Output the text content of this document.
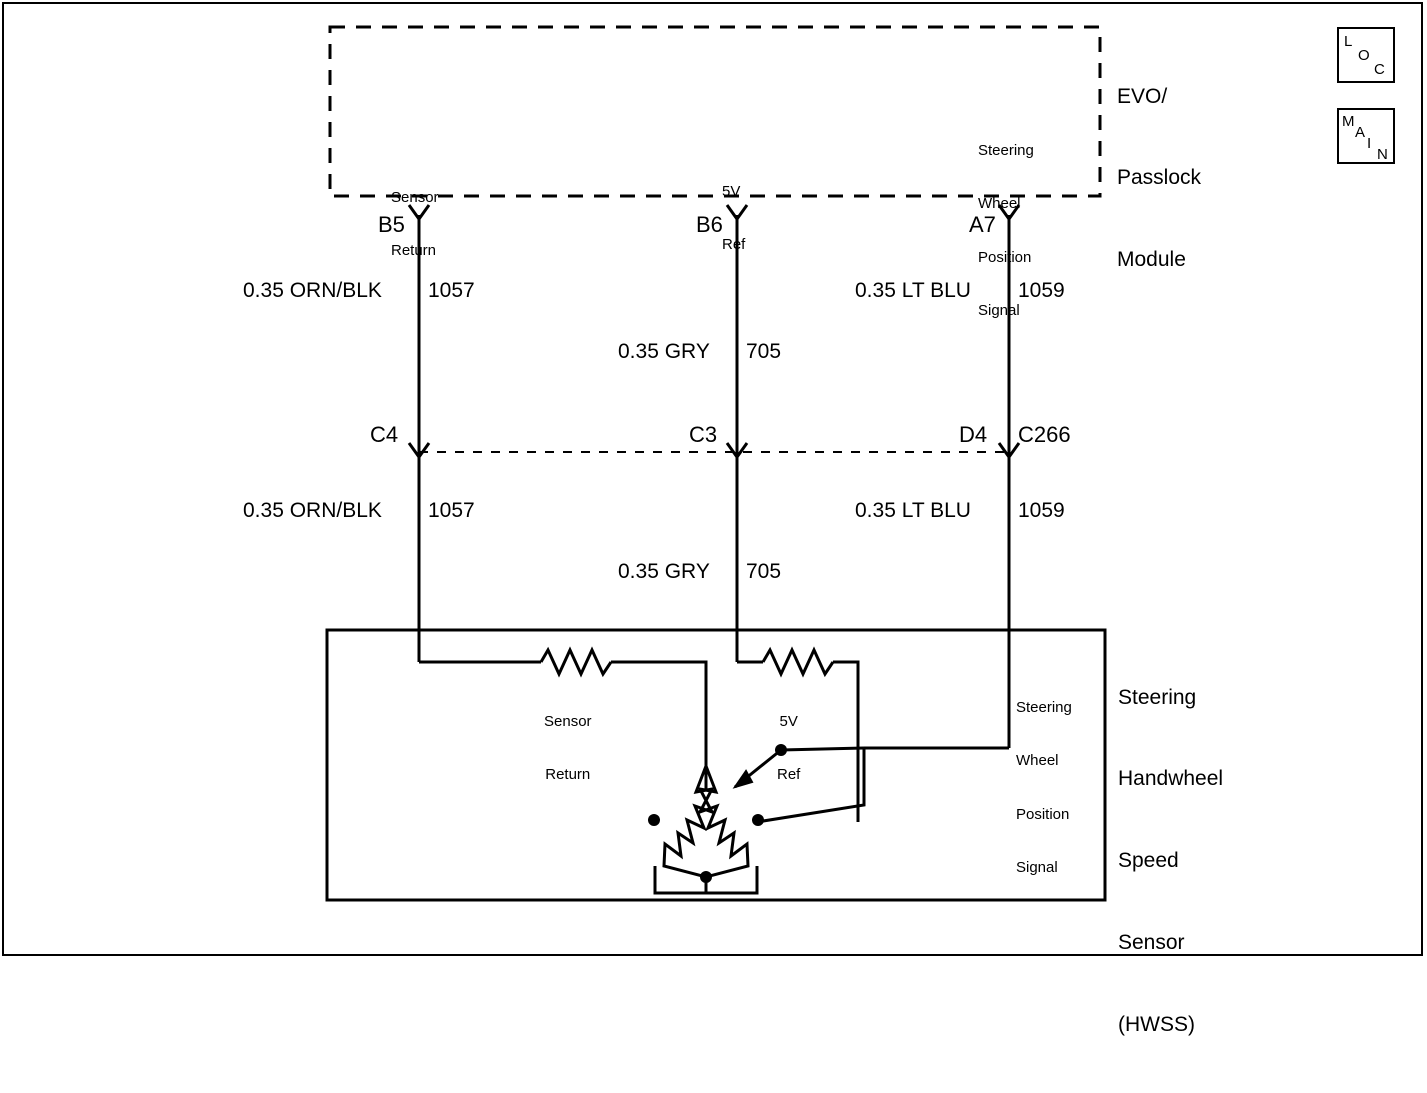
EVO/

Passlock

Module

Sensor

Return

5V

Ref

Steering

Wheel

Position

Signal

B5	B6	A7
0.35 ORN/BLK 1057
0.35 GRY 705
0.35 LT BLU 1059
C4	C3	D4 C266
0.35 ORN/BLK 1057
0.35 GRY 705
0.35 LT BLU 1059

Sensor

Return

5V

Ref

Steering

Wheel

Position

Signal

Steering

Handwheel

Speed

Sensor

(HWSS)

L
O
C
M
A
I
N
